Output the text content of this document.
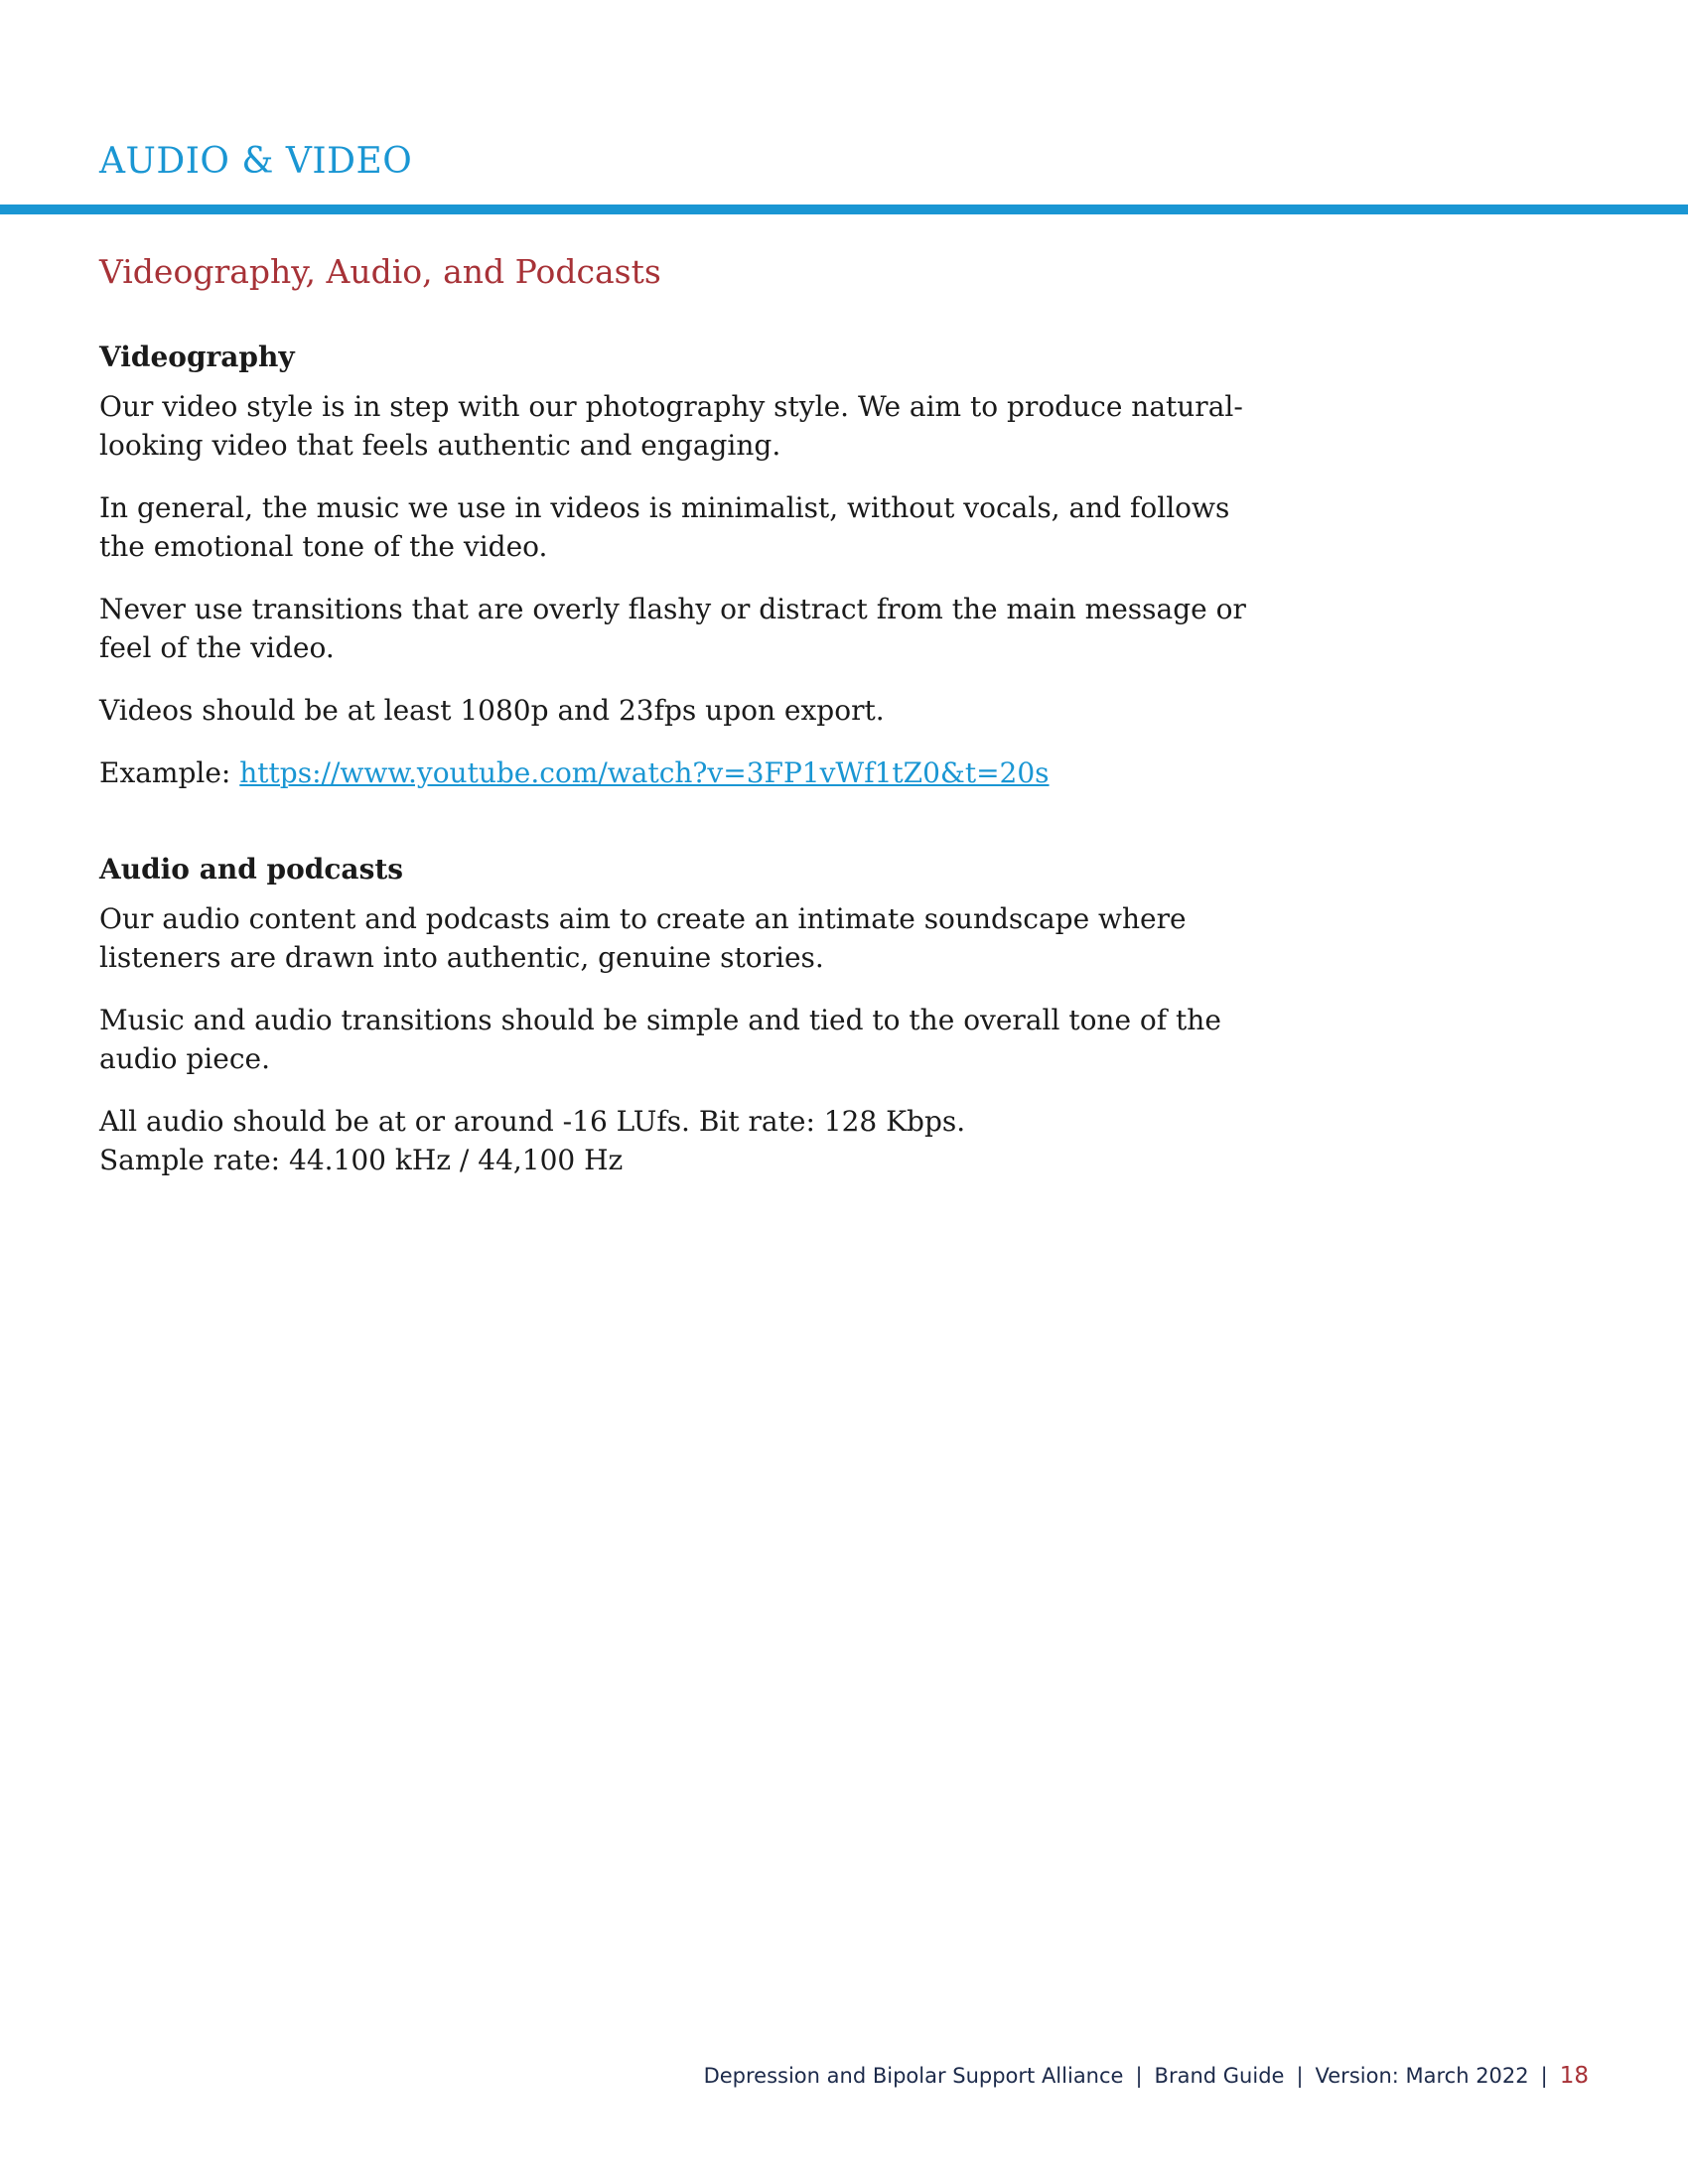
AUDIO & VIDEO
Videography, Audio, and Podcasts
Videography

Our video style is in step with our photography style. We aim to produce natural-looking video that feels authentic and engaging.

In general, the music we use in videos is minimalist, without vocals, and follows the emotional tone of the video.

Never use transitions that are overly flashy or distract from the main message or feel of the video.

Videos should be at least 1080p and 23fps upon export.

Example: https://www.youtube.com/watch?v=3FP1vWf1tZ0&t=20s

Audio and podcasts

Our audio content and podcasts aim to create an intimate soundscape where listeners are drawn into authentic, genuine stories.

Music and audio transitions should be simple and tied to the overall tone of the audio piece.

All audio should be at or around -16 LUfs. Bit rate: 128 Kbps.
Sample rate: 44.100 kHz / 44,100 Hz

Depression and Bipolar Support Alliance | Brand Guide | Version: March 2022 | 18
